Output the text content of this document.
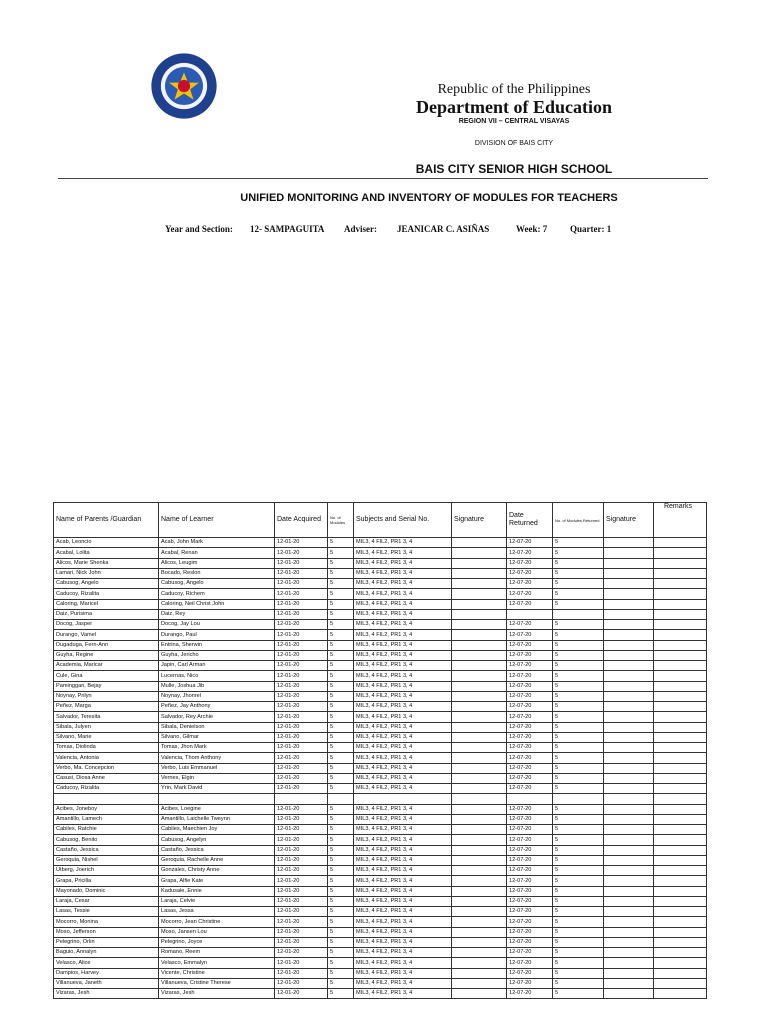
Republic of the Philippines
Department of Education
REGION VII – CENTRAL VISAYAS
DIVISION OF BAIS CITY
BAIS CITY SENIOR HIGH SCHOOL
UNIFIED MONITORING AND INVENTORY OF MODULES FOR TEACHERS
Year and Section: 12- SAMPAGUITA Adviser: JEANICAR C. ASIÑAS	Week: 7	Quarter: 1
Name of Parents /Guardian	Name of Learner	Date Acquired	No. of Modules	Subjects and Serial No.	Signature	Date Returned	No. of Modules Returned	Signature	Remarks
Acab, Leoncio	Acab, John Mark	12-01-20	5	MIL3, 4 FIL2, PR1 3, 4		12-07-20	5		
Acabal, Lolita	Acabal, Renan	12-01-20	5	MIL3, 4 FIL2, PR1 3, 4		12-07-20	5		
Alicos, Marie Shenka	Alicos, Leugim	12-01-20	5	MIL3, 4 FIL2, PR1 3, 4		12-07-20	5		
Lamari, Nick John	Bocado, Reslon	12-01-20	5	MIL3, 4 FIL2, PR1 3, 4		12-07-20	5		
Cabusog, Angelo	Cabusog, Angelo	12-01-20	5	MIL3, 4 FIL2, PR1 3, 4		12-07-20	5		
Caducoy, Rizalita	Caducoy, Richem	12-01-20	5	MIL3, 4 FIL2, PR1 3, 4		12-07-20	5		
Caloring, Maricel	Caloring, Neil Christ John	12-01-20	5	MIL3, 4 FIL2, PR1 3, 4		12-07-20	5		
Daiz, Purisima	Daiz, Rey	12-01-20	5	MIL3, 4 FIL2, PR1 3, 4					
Docog, Jasper	Docog, Jay Lou	12-01-20	5	MIL3, 4 FIL2, PR1 3, 4		12-07-20	5		
Durango, Vamel	Durango, Paul	12-01-20	5	MIL3, 4 FIL2, PR1 3, 4		12-07-20	5		
Dugaduga, Fern-Ann	Entrina, Sherwin	12-01-20	5	MIL3, 4 FIL2, PR1 3, 4		12-07-20	5		
Guyha, Regine	Guyha, Jericho	12-01-20	5	MIL3, 4 FIL2, PR1 3, 4		12-07-20	5		
Academia, Maricar	Japin, Carl Arman	12-01-20	5	MIL3, 4 FIL2, PR1 3, 4		12-07-20	5		
Cule, Gina	Lucernas, Nico	12-01-20	5	MIL3, 4 FIL2, PR1 3, 4		12-07-20	5		
Paminggan, Bejay	Mulle, Joshua Jib	12-01-20	5	MIL3, 4 FIL2, PR1 3, 4		12-07-20	5		
Noynay, Prilyn	Noynay, Jhonrel	12-01-20	5	MIL3, 4 FIL2, PR1 3, 4		12-07-20	5		
Peñez, Marga	Peñez, Jay Anthony	12-01-20	5	MIL3, 4 FIL2, PR1 3, 4		12-07-20	5		
Salvador, Teresita	Salvador, Rey Archie	12-01-20	5	MIL3, 4 FIL2, PR1 3, 4		12-07-20	5		
Sibala, Julyen	Sibala, Denielson	12-01-20	5	MIL3, 4 FIL2, PR1 3, 4		12-07-20	5		
Silvano, Marie	Silvano, Gilmar	12-01-20	5	MIL3, 4 FIL2, PR1 3, 4		12-07-20	5		
Tomas, Diolinda	Tomas, Jhon Mark	12-01-20	5	MIL3, 4 FIL2, PR1 3, 4		12-07-20	5		
Valencia, Antonia	Valencia, Thom Anthony	12-01-20	5	MIL3, 4 FIL2, PR1 3, 4		12-07-20	5		
Verbo, Ma. Concepcion	Verbo, Luis Emmanuel	12-01-20	5	MIL3, 4 FIL2, PR1 3, 4		12-07-20	5		
Casusi, Diosa Anne	Vernes, Elgin	12-01-20	5	MIL3, 4 FIL2, PR1 3, 4		12-07-20	5		
Caducoy, Rizalita	Yrin, Mark David	12-01-20	5	MIL3, 4 FIL2, PR1 3, 4		12-07-20	5		

Acibes, Joneboy	Acibes, Loegine	12-01-20	5	MIL3, 4 FIL2, PR1 3, 4		12-07-20	5		
Amantillo, Lamech	Amantillo, Laichelle Tweynn	12-01-20	5	MIL3, 4 FIL2, PR1 3, 4		12-07-20	5		
Cabiles, Ratchie	Cabiles, Maechien Joy	12-01-20	5	MIL3, 4 FIL2, PR1 3, 4		12-07-20	5		
Cabusog, Benito	Cabusog, Angelyn	12-01-20	5	MIL3, 4 FIL2, PR1 3, 4		12-07-20	5		
Castaño, Jessica	Castaño, Jessica	12-01-20	5	MIL3, 4 FIL2, PR1 3, 4		12-07-20	5		
Geroquia, Nishel	Geroquia, Rachelle Anne	12-01-20	5	MIL3, 4 FIL2, PR1 3, 4		12-07-20	5		
Utberg, Joerich	Gonzales, Christy Anne	12-01-20	5	MIL3, 4 FIL2, PR1 3, 4		12-07-20	5		
Grapa, Pricilla	Grapa, Alfie Kate	12-01-20	5	MIL3, 4 FIL2, PR1 3, 4		12-07-20	5		
Mayonado, Dominic	Kadusale, Ennie	12-01-20	5	MIL3, 4 FIL2, PR1 3, 4		12-07-20	5		
Laraja, Cesar	Laraja, Celvie	12-01-20	5	MIL3, 4 FIL2, PR1 3, 4		12-07-20	5		
Lasas, Tessie	Lasas, Jessa	12-01-20	5	MIL3, 4 FIL2, PR1 3, 4		12-07-20	5		
Mocorro, Monina	Mocorro, Jean Christine	12-01-20	5	MIL3, 4 FIL2, PR1 3, 4		12-07-20	5		
Moso, Jefferson	Moso, Jansen Lou	12-01-20	5	MIL3, 4 FIL2, PR1 3, 4		12-07-20	5		
Pelegrino, Orlin	Pelegrino, Joyce	12-01-20	5	MIL3, 4 FIL2, PR1 3, 4		12-07-20	5		
Baguio, Annalyn	Romano, Reem	12-01-20	5	MIL3, 4 FIL2, PR1 3, 4		12-07-20	5		
Velasco, Alice	Velasco, Emmalyn	12-01-20	5	MIL3, 4 FIL2, PR1 3, 4		12-07-20	5		
Dampios, Harvey	Vicente, Christine	12-01-20	5	MIL3, 4 FIL2, PR1 3, 4		12-07-20	5		
Villanueva, Janeth	Villanueva, Cristine Therese	12-01-20	5	MIL3, 4 FIL2, PR1 3, 4		12-07-20	5		
Vizaras, Jesh	Vizaras, Jesh	12-01-20	5	MIL3, 4 FIL2, PR1 3, 4		12-07-20	5		
